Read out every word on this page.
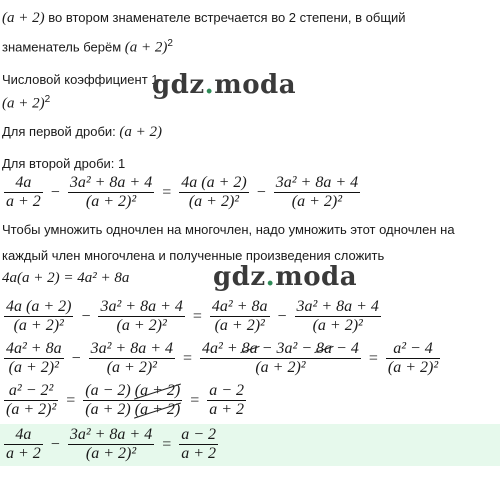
(a + 2) во втором знаменателе встречается во 2 степени, в общий
знаменатель берём $(a + 2)^2$
Числовой коэффициент 1
$(a + 2)^2$	gdz.moda
Для первой дроби: (a + 2)
Для второй дроби: 1
$\frac{4a}{a + 2} - \frac{\text{3a² + 8a + 4}}{\text{(a + 2)²}} = \frac{4a (a + 2)}{\text{(a + 2)²}} - \frac{\text{3a² + 8a + 4}}{\text{(a + 2)²}}$
Чтобы умножить одночлен на многочлен, надо умножить этот одночлен на
каждый член многочлена и полученные произведения сложить
4a(a + 2) = 4a² + 8a	gdz.moda
$\frac{4a (a + 2)}{\text{(a + 2)²}} - \frac{\text{3a² + 8a + 4}}{\text{(a + 2)²}} = \frac{\text{4a² + 8a}}{\text{(a + 2)²}} - \frac{\text{3a² + 8a + 4}}{\text{(a + 2)²}}$
$\frac{\text{4a² + 8a}}{\text{(a + 2)²}} - \frac{\text{3a² + 8a + 4}}{\text{(a + 2)²}} = \frac{\text{4a² + 8a − 3a² − 8a − 4}}{\text{(a + 2)²}} = \frac{\text{a² − 4}}{\text{(a + 2)²}}$
$\frac{\text{a² − 2²}}{\text{(a + 2)²}} = \frac{(a - 2) (a + 2)}{(a + 2) (a + 2)} = \frac{a - 2}{a + 2}$
$\frac{4a}{a + 2} - \frac{\text{3a² + 8a + 4}}{\text{(a + 2)²}} = \frac{a - 2}{a + 2}$
